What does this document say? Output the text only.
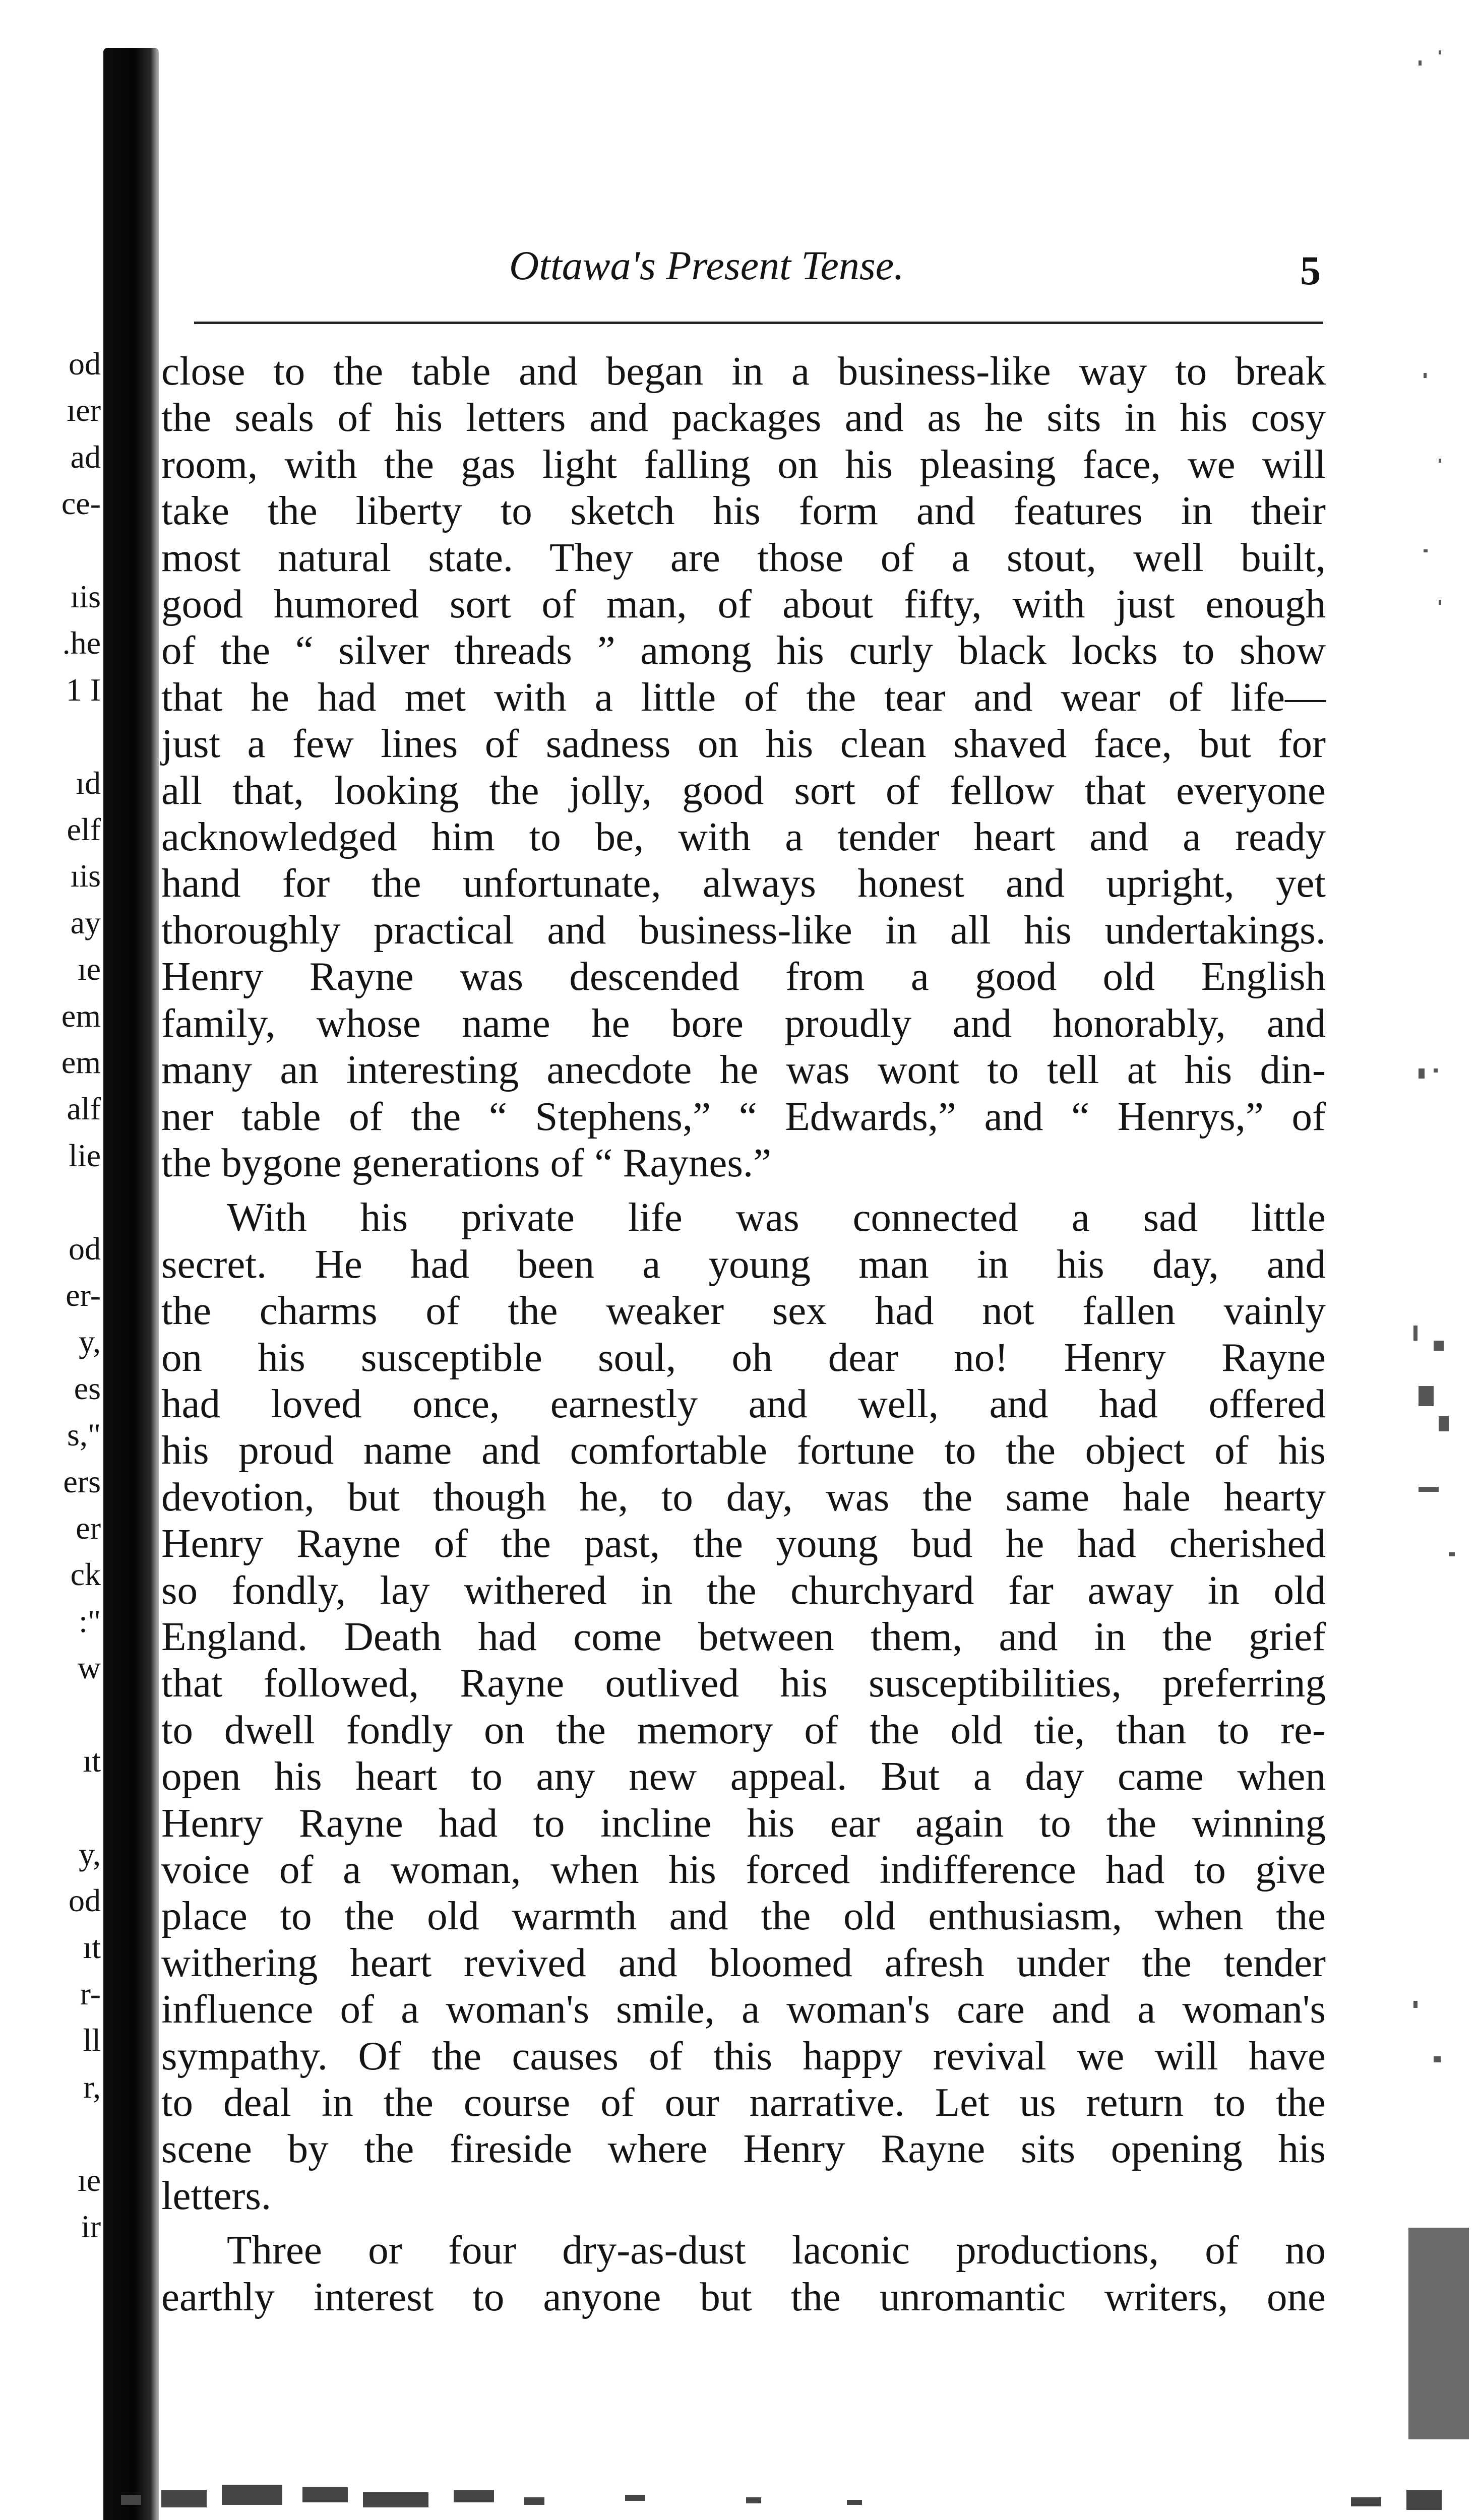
od
ıer
ad
ce-
ıis
.he
1 I
ıd
elf
ıis
ay
ıe
em
em
alf
lie
od
er-
y,
es
s,"
ers
er
ck
:"
w
ıt
y,
od
ıt
r-
ll
r,
ıe
ir
Ottawa's Present Tense.	5
close to the table and began in a business-like way to break
the seals of his letters and packages and as he sits in his cosy
room, with the gas light falling on his pleasing face, we will
take the liberty to sketch his form and features in their
most natural state. They are those of a stout, well built,
good humored sort of man, of about fifty, with just enough
of the “ silver threads ” among his curly black locks to show
that he had met with a little of the tear and wear of life—
just a few lines of sadness on his clean shaved face, but for
all that, looking the jolly, good sort of fellow that everyone
acknowledged him to be, with a tender heart and a ready
hand for the unfortunate, always honest and upright, yet
thoroughly practical and business-like in all his undertakings.
Henry Rayne was descended from a good old English
family, whose name he bore proudly and honorably, and
many an interesting anecdote he was wont to tell at his din-
ner table of the “ Stephens,” “ Edwards,” and “ Henrys,” of
the bygone generations of “ Raynes.”
With his private life was connected a sad little
secret. He had been a young man in his day, and
the charms of the weaker sex had not fallen vainly
on his susceptible soul, oh dear no! Henry Rayne
had loved once, earnestly and well, and had offered
his proud name and comfortable fortune to the object of his
devotion, but though he, to day, was the same hale hearty
Henry Rayne of the past, the young bud he had cherished
so fondly, lay withered in the churchyard far away in old
England. Death had come between them, and in the grief
that followed, Rayne outlived his susceptibilities, preferring
to dwell fondly on the memory of the old tie, than to re-
open his heart to any new appeal. But a day came when
Henry Rayne had to incline his ear again to the winning
voice of a woman, when his forced indifference had to give
place to the old warmth and the old enthusiasm, when the
withering heart revived and bloomed afresh under the tender
influence of a woman's smile, a woman's care and a woman's
sympathy. Of the causes of this happy revival we will have
to deal in the course of our narrative. Let us return to the
scene by the fireside where Henry Rayne sits opening his
letters.
Three or four dry-as-dust laconic productions, of no
earthly interest to anyone but the unromantic writers, one
